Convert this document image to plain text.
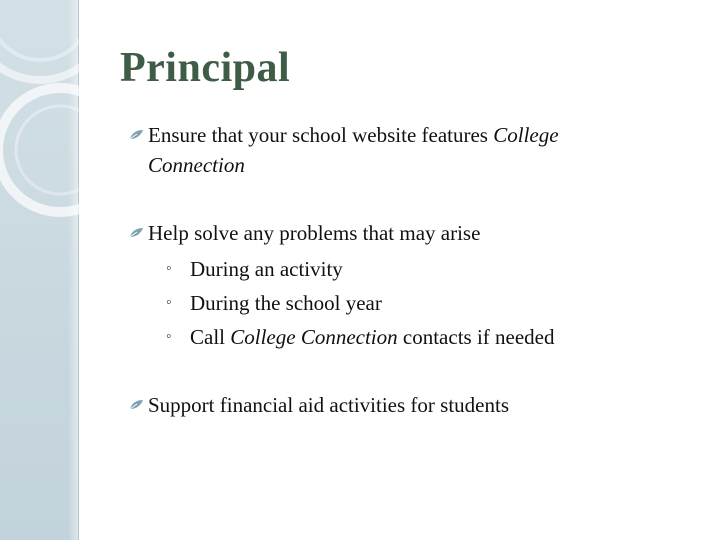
Principal

Ensure that your school website features College
Connection

Help solve any problems that may arise
◦ During an activity
◦ During the school year
◦ Call College Connection contacts if needed

Support financial aid activities for students
